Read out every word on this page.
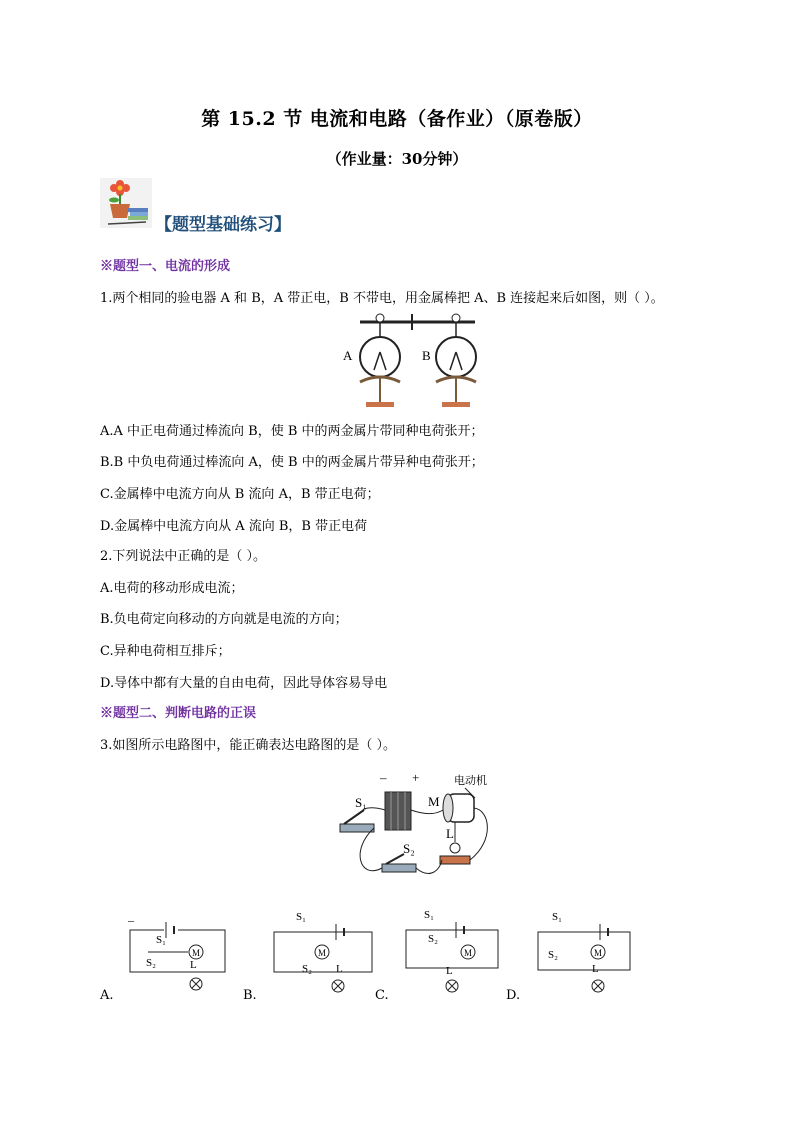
第 15.2 节 电流和电路（备作业）（原卷版）
（作业量：30分钟）
【题型基础练习】
※题型一、电流的形成
1.两个相同的验电器 A 和 B，A 带正电，B 不带电，用金属棒把 A、B 连接起来后如图，则（ ）。
A	B
A.A 中正电荷通过棒流向 B，使 B 中的两金属片带同种电荷张开；
B.B 中负电荷通过棒流向 A，使 B 中的两金属片带异种电荷张开；
C.金属棒中电流方向从 B 流向 A，B 带正电荷；
D.金属棒中电流方向从 A 流向 B，B 带正电荷
2.下列说法中正确的是（ ）。
A.电荷的移动形成电流；
B.负电荷定向移动的方向就是电流的方向；
C.异种电荷相互排斥；
D.导体中都有大量的自由电荷，因此导体容易导电
※题型二、判断电路的正误
3.如图所示电路图中，能正确表达电路图的是（ ）。
– +	电动机
S₁	M
L
S₂
–
S₁
M
S₂	L
S₁
M
S₂ L
S₁
S₂
M
L
S₁
S₂	M
L
A.	B.	C.	D.
